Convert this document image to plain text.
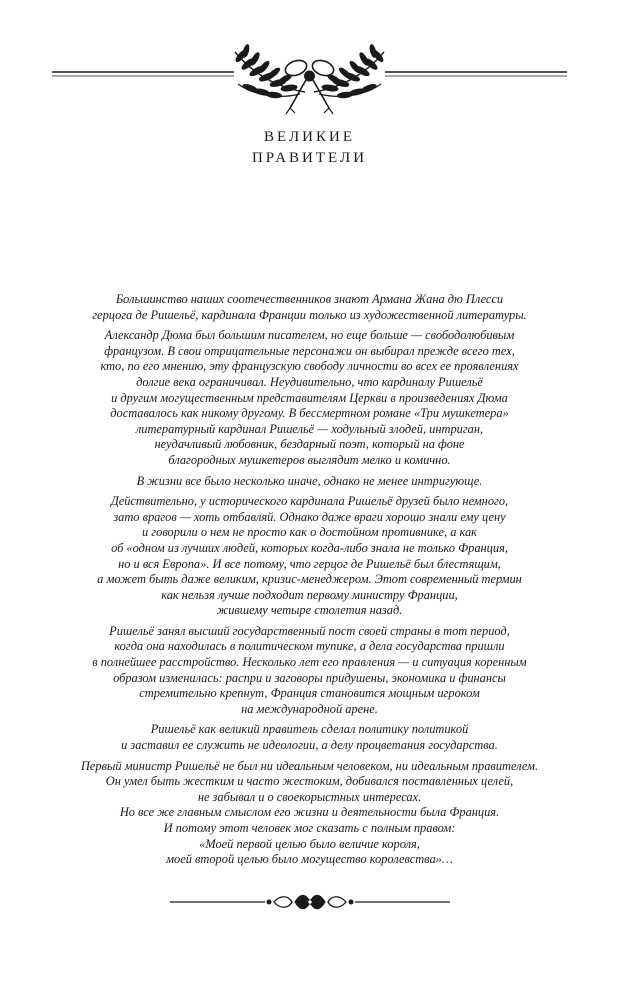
ВЕЛИКИЕ
ПРАВИТЕЛИ

Большинство наших соотечественников знают Армана Жана дю Плесси
герцога де Ришельё, кардинала Франции только из художественной литературы.

Александр Дюма был большим писателем, но еще больше — свободолюбивым
французом. В свои отрицательные персонажи он выбирал прежде всего тех,
кто, по его мнению, эту французскую свободу личности во всех ее проявлениях
долгие века ограничивал. Неудивительно, что кардиналу Ришельё
и другим могущественным представителям Церкви в произведениях Дюма
доставалось как никому другому. В бессмертном романе «Три мушкетера»
литературный кардинал Ришельё — ходульный злодей, интриган,
неудачливый любовник, бездарный поэт, который на фоне
благородных мушкетеров выглядит мелко и комично.

В жизни все было несколько иначе, однако не менее интригующе.

Действительно, у исторического кардинала Ришельё друзей было немного,
зато врагов — хоть отбавляй. Однако даже враги хорошо знали ему цену
и говорили о нем не просто как о достойном противнике, а как
об «одном из лучших людей, которых когда-либо знала не только Франция,
но и вся Европа». И все потому, что герцог де Ришельё был блестящим,
а может быть даже великим, кризис-менеджером. Этот современный термин
как нельзя лучше подходит первому министру Франции,
жившему четыре столетия назад.

Ришельё занял высший государственный пост своей страны в тот период,
когда она находилась в политическом тупике, а дела государства пришли
в полнейшее расстройство. Несколько лет его правления — и ситуация коренным
образом изменилась: распри и заговоры придушены, экономика и финансы
стремительно крепнут, Франция становится мощным игроком
на международной арене.

Ришельё как великий правитель сделал политику политикой
и заставил ее служить не идеологии, а делу процветания государства.

Первый министр Ришельё не был ни идеальным человеком, ни идеальным правителем.
Он умел быть жестким и часто жестоким, добивался поставленных целей,
не забывал и о своекорыстных интересах.
Но все же главным смыслом его жизни и деятельности была Франция.
И потому этот человек мог сказать с полным правом:
«Моей первой целью было величие короля,
моей второй целью было могущество королевства»…
